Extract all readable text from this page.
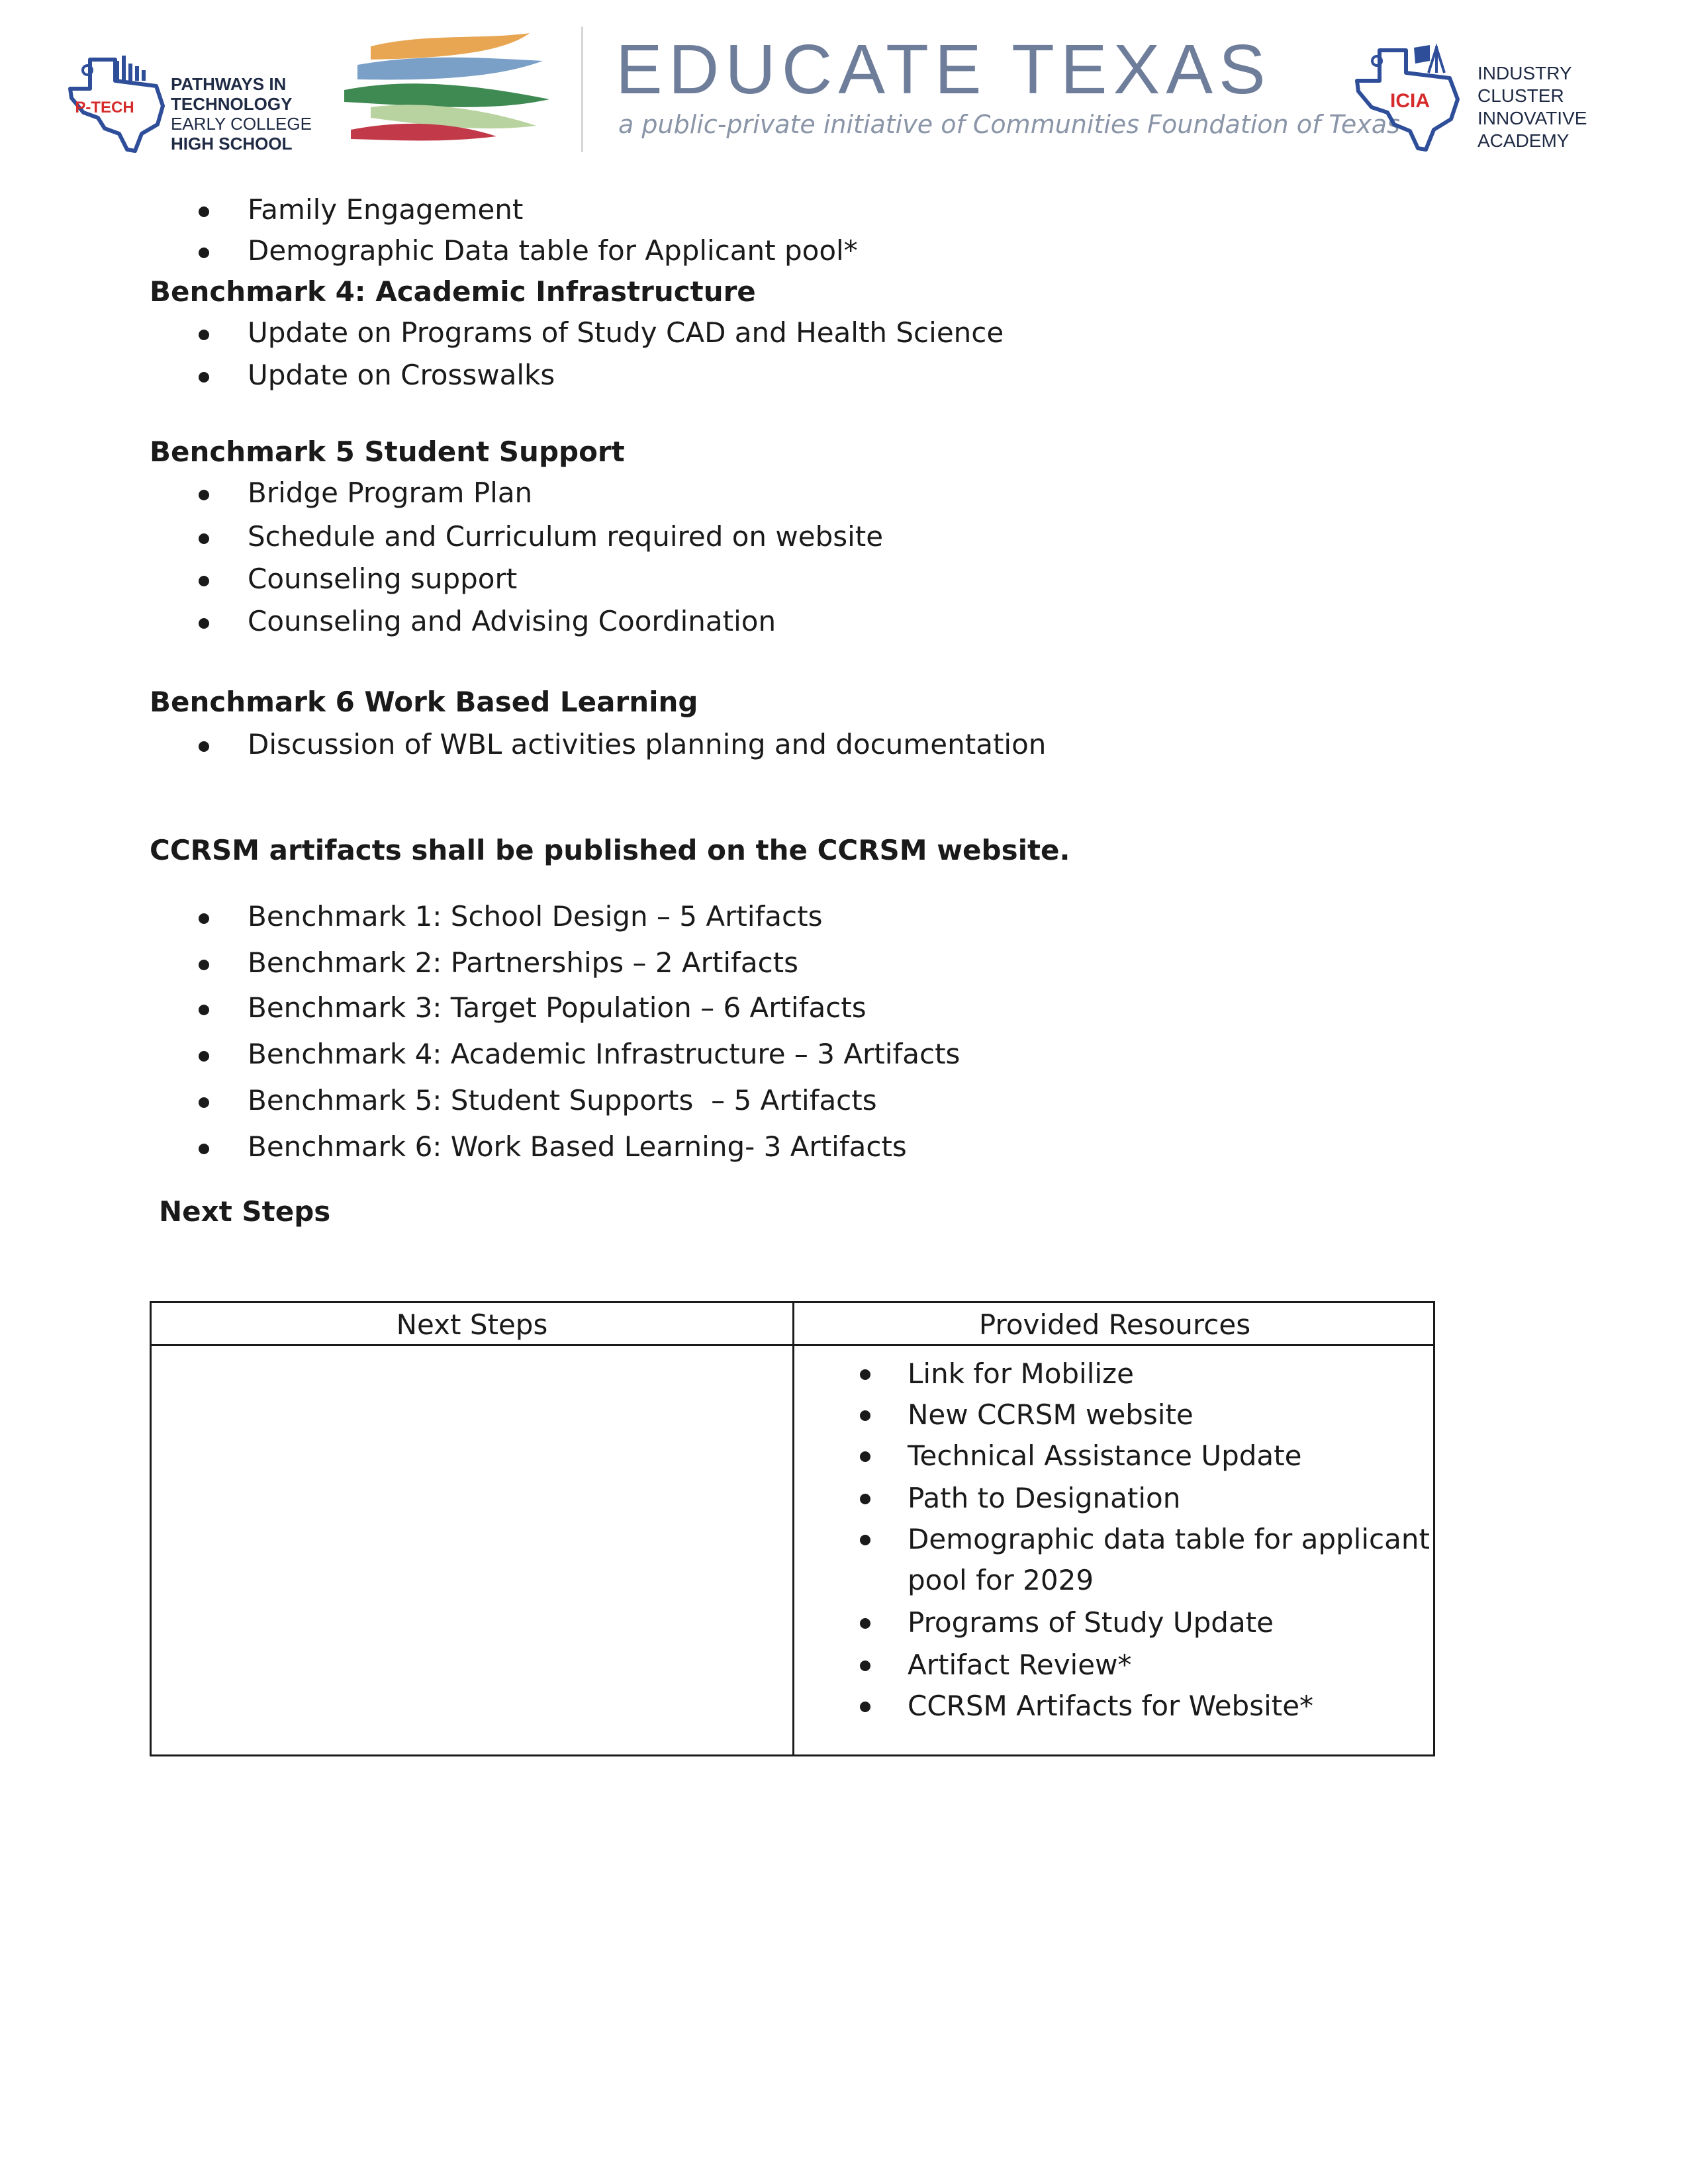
P-TECH
PATHWAYS IN
TECHNOLOGY
EARLY COLLEGE
HIGH SCHOOL
EDUCATE TEXAS
a public-private initiative of Communities Foundation of Texas
ICIA
INDUSTRY
CLUSTER
INNOVATIVE
ACADEMY
Family Engagement
Demographic Data table for Applicant pool*
Benchmark 4: Academic Infrastructure
Update on Programs of Study CAD and Health Science
Update on Crosswalks
Benchmark 5 Student Support
Bridge Program Plan
Schedule and Curriculum required on website
Counseling support
Counseling and Advising Coordination
Benchmark 6 Work Based Learning
Discussion of WBL activities planning and documentation
CCRSM artifacts shall be published on the CCRSM website.
Benchmark 1: School Design – 5 Artifacts
Benchmark 2: Partnerships – 2 Artifacts
Benchmark 3: Target Population – 6 Artifacts
Benchmark 4: Academic Infrastructure – 3 Artifacts
Benchmark 5: Student Supports  – 5 Artifacts
Benchmark 6: Work Based Learning- 3 Artifacts
Next Steps
Next Steps	Provided Resources
Link for Mobilize
New CCRSM website
Technical Assistance Update
Path to Designation
Demographic data table for applicant
pool for 2029
Programs of Study Update
Artifact Review*
CCRSM Artifacts for Website*
